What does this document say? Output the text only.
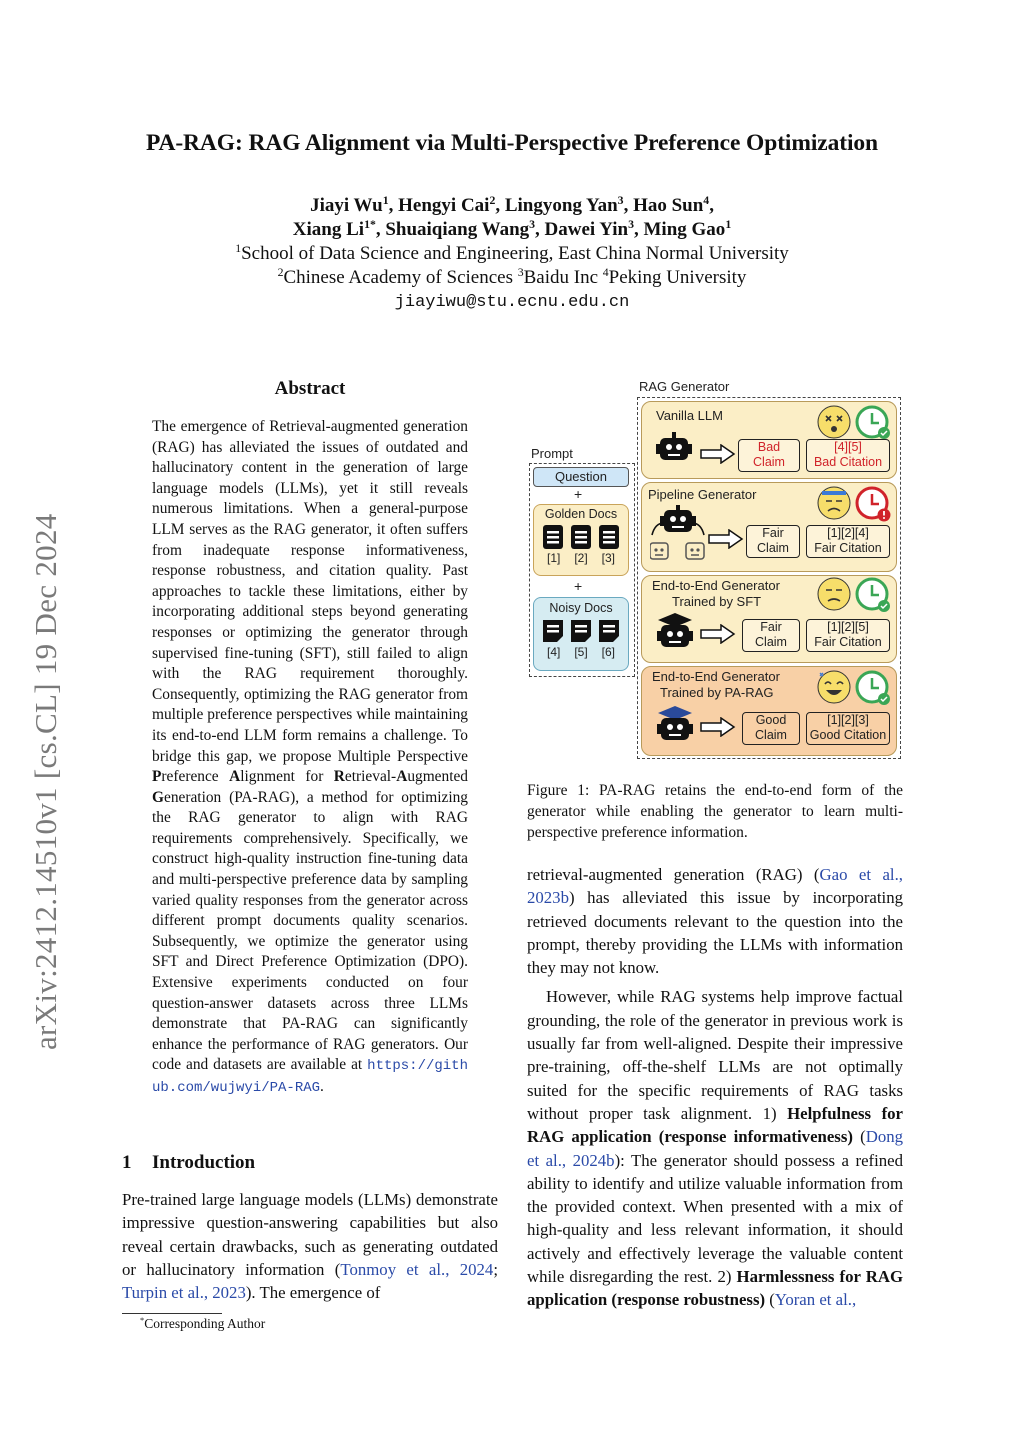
PA-RAG: RAG Alignment via Multi-Perspective Preference Optimization
Jiayi Wu$^1$, Hengyi Cai$^2$, Lingyong Yan$^3$, Hao Sun$^4$,
Xiang $Li^{1*}$, Shuaiqiang Wang$^3$, Dawei Yin$^3$, Ming Gao$^1$
$^1$School of Data Science and Engineering, East China Normal University
$^2$Chinese Academy of Sciences $^3$Baidu Inc $^4$Peking University
jiayiwu@stu.ecnu.edu.cn
arXiv:2412.14510v1 [cs.CL] 19 Dec 2024
Abstract
The emergence of Retrieval-augmented generation (RAG) has alleviated the issues of outdated and hallucinatory content in the generation of large language models (LLMs), yet it still reveals numerous limitations. When a general-purpose LLM serves as the RAG generator, it often suffers from inadequate response informativeness, response robustness, and citation quality. Past approaches to tackle these limitations, either by incorporating additional steps beyond generating responses or optimizing the generator through supervised fine-tuning (SFT), still failed to align with the RAG requirement thoroughly. Consequently, optimizing the RAG generator from multiple preference perspectives while maintaining its end-to-end LLM form remains a challenge. To bridge this gap, we propose Multiple Perspective Preference Alignment for Retrieval-Augmented Generation (PA-RAG), a method for optimizing the RAG generator to align with RAG requirements comprehensively. Specifically, we construct high-quality instruction fine-tuning data and multi-perspective preference data by sampling varied quality responses from the generator across different prompt documents quality scenarios. Subsequently, we optimize the generator using SFT and Direct Preference Optimization (DPO). Extensive experiments conducted on four question-answer datasets across three LLMs demonstrate that PA-RAG can significantly enhance the performance of RAG generators. Our code and datasets are available at https://github.com/wujwyi/PA-RAG.
1 Introduction
Pre-trained large language models (LLMs) demonstrate impressive question-answering capabilities but also reveal certain drawbacks, such as generating outdated or hallucinatory information (Tonmoy et al., 2024; Turpin et al., 2023). The emergence of
*Corresponding Author
RAG Generator
Prompt
Question
+
Golden Docs
[1] [2] [3]
+
Noisy Docs
[4] [5] [6]
Vanilla LLM
Bad
Claim
[4][5]
Bad Citation
Pipeline Generator
Fair
Claim
[1][2][4]
Fair Citation
End-to-End Generator
Trained by SFT
Fair
Claim
[1][2][5]
Fair Citation
End-to-End Generator
Trained by PA-RAG
Good
Claim
[1][2][3]
Good Citation
Figure 1: PA-RAG retains the end-to-end form of the generator while enabling the generator to learn multi-perspective preference information.

retrieval-augmented generation (RAG) (Gao et al., 2023b) has alleviated this issue by incorporating retrieved documents relevant to the question into the prompt, thereby providing the LLMs with information they may not know.

However, while RAG systems help improve factual grounding, the role of the generator in previous work is usually far from well-aligned. Despite their impressive pre-training, off-the-shelf LLMs are not optimally suited for the specific requirements of RAG tasks without proper task alignment. 1) Helpfulness for RAG application (response informativeness) (Dong et al., 2024b): The generator should possess a refined ability to identify and utilize valuable information from the provided context. When presented with a mix of high-quality and less relevant information, it should actively and effectively leverage the valuable content while disregarding the rest. 2) Harmlessness for RAG application (response robustness) (Yoran et al.,
